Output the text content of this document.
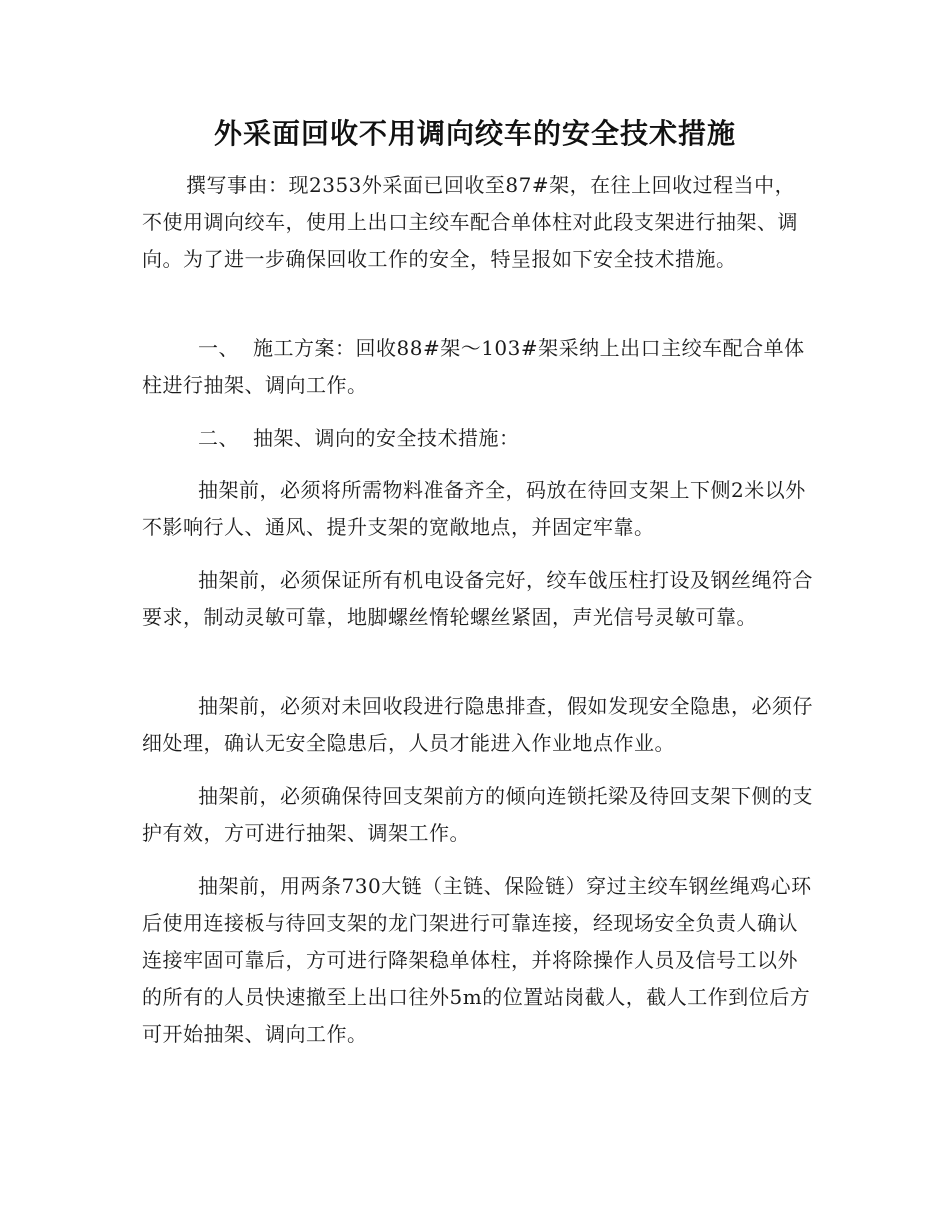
外采面回收不用调向绞车的安全技术措施

撰写事由：现2353外采面已回收至87#架，在往上回收过程当中，不使用调向绞车，使用上出口主绞车配合单体柱对此段支架进行抽架、调向。为了进一步确保回收工作的安全，特呈报如下安全技术措施。

一、 施工方案：回收88#架～103#架采纳上出口主绞车配合单体柱进行抽架、调向工作。

二、 抽架、调向的安全技术措施：

抽架前，必须将所需物料准备齐全，码放在待回支架上下侧2米以外不影响行人、通风、提升支架的宽敞地点，并固定牢靠。

抽架前，必须保证所有机电设备完好，绞车戗压柱打设及钢丝绳符合要求，制动灵敏可靠，地脚螺丝惰轮螺丝紧固，声光信号灵敏可靠。

抽架前，必须对未回收段进行隐患排查，假如发现安全隐患，必须仔细处理，确认无安全隐患后，人员才能进入作业地点作业。

抽架前，必须确保待回支架前方的倾向连锁托梁及待回支架下侧的支护有效，方可进行抽架、调架工作。

抽架前，用两条730大链（主链、保险链）穿过主绞车钢丝绳鸡心环后使用连接板与待回支架的龙门架进行可靠连接，经现场安全负责人确认连接牢固可靠后，方可进行降架稳单体柱，并将除操作人员及信号工以外的所有的人员快速撤至上出口往外5m的位置站岗截人，截人工作到位后方可开始抽架、调向工作。
